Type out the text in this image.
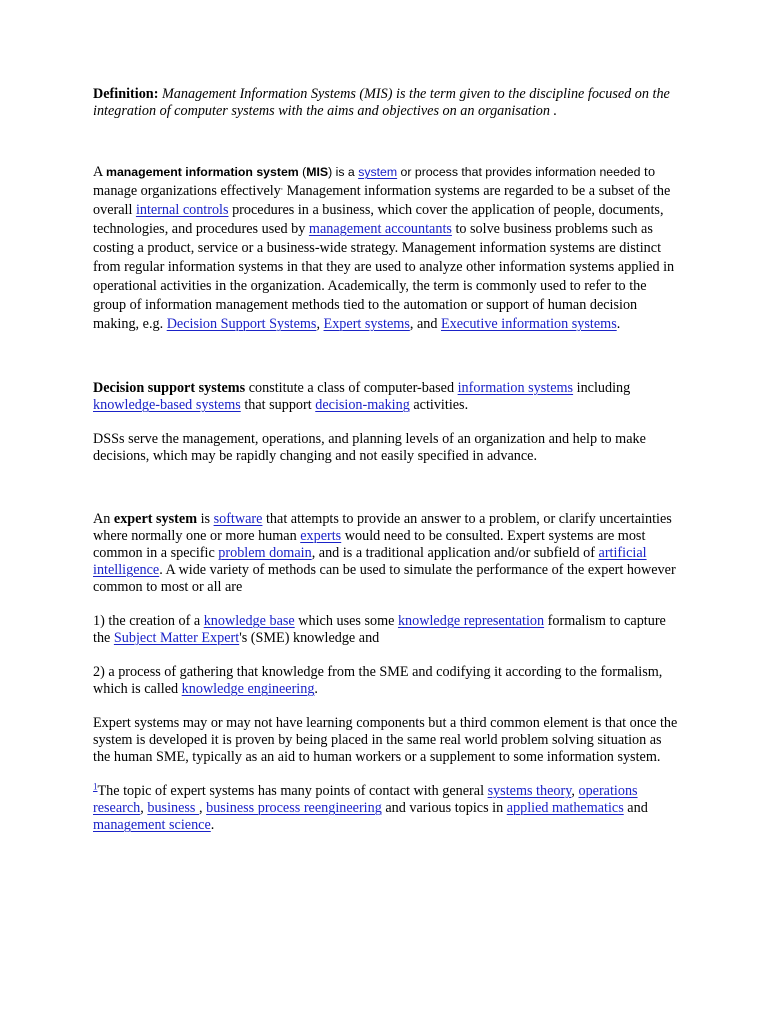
Definition: Management Information Systems (MIS) is the term given to the discipline focused on the integration of computer systems with the aims and objectives on an organisation .

A management information system (MIS) is a system or process that provides information needed to manage organizations effectively. Management information systems are regarded to be a subset of the overall internal controls procedures in a business, which cover the application of people, documents, technologies, and procedures used by management accountants to solve business problems such as costing a product, service or a business-wide strategy. Management information systems are distinct from regular information systems in that they are used to analyze other information systems applied in operational activities in the organization. Academically, the term is commonly used to refer to the group of information management methods tied to the automation or support of human decision making, e.g. Decision Support Systems, Expert systems, and Executive information systems.

Decision support systems constitute a class of computer-based information systems including knowledge-based systems that support decision-making activities.

DSSs serve the management, operations, and planning levels of an organization and help to make decisions, which may be rapidly changing and not easily specified in advance.

An expert system is software that attempts to provide an answer to a problem, or clarify uncertainties where normally one or more human experts would need to be consulted. Expert systems are most common in a specific problem domain, and is a traditional application and/or subfield of artificial intelligence. A wide variety of methods can be used to simulate the performance of the expert however common to most or all are

1) the creation of a knowledge base which uses some knowledge representation formalism to capture the Subject Matter Expert's (SME) knowledge and

2) a process of gathering that knowledge from the SME and codifying it according to the formalism, which is called knowledge engineering.

Expert systems may or may not have learning components but a third common element is that once the system is developed it is proven by being placed in the same real world problem solving situation as the human SME, typically as an aid to human workers or a supplement to some information system.

$^1$The topic of expert systems has many points of contact with general systems theory, operations research, business , business process reengineering and various topics in applied mathematics and management science.
